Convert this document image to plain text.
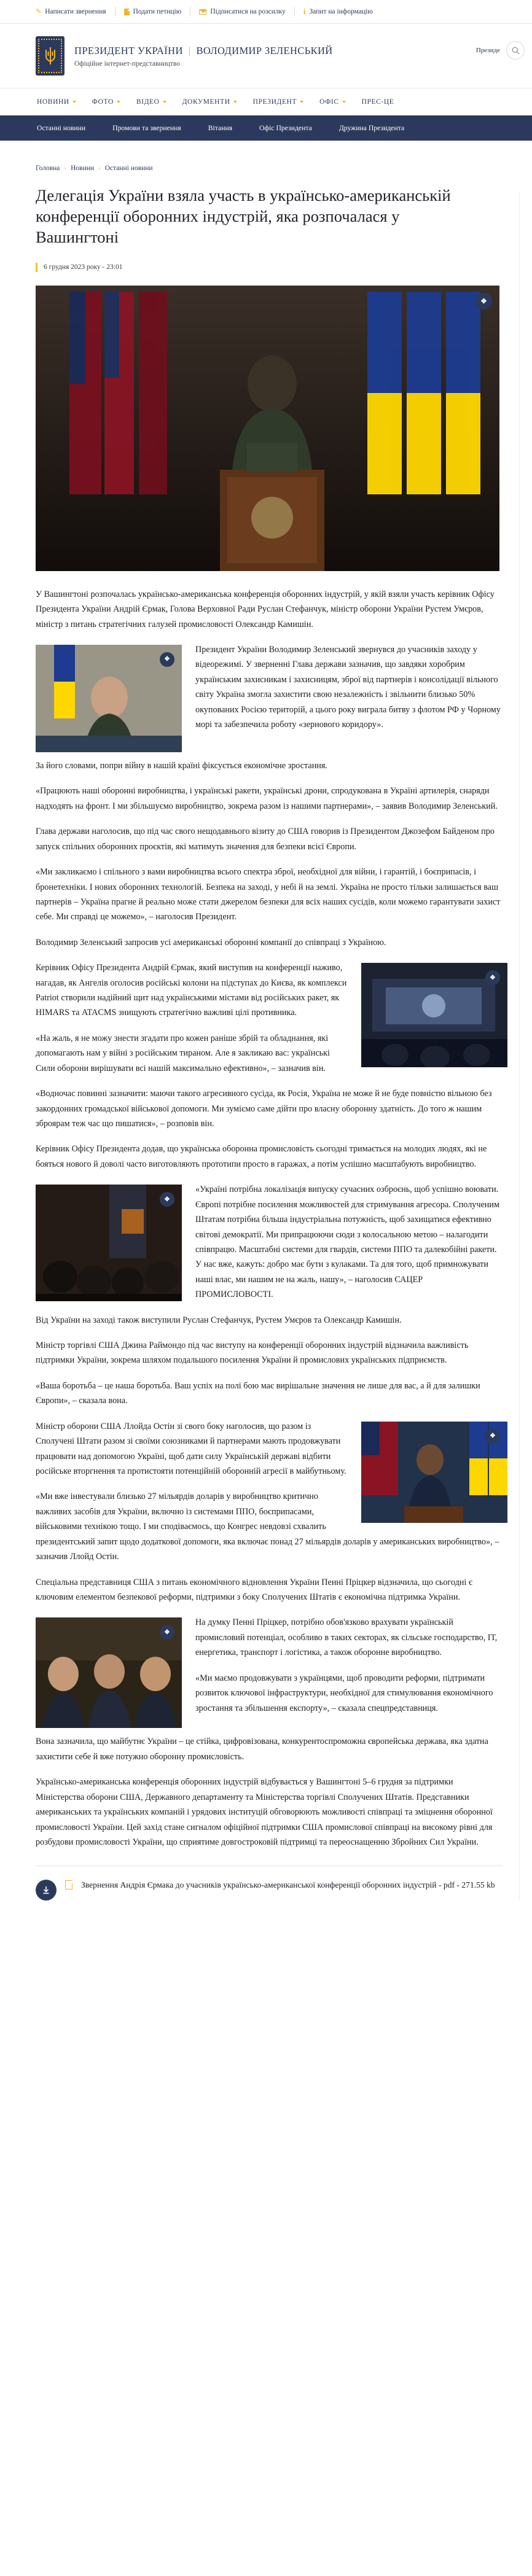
✎ Написати звернення	Подати петицію	Підписатися на розсилку i Запит на інформацію
ПРЕЗИДЕНТ УКРАЇНИ | ВОЛОДИМИР ЗЕЛЕНСЬКИЙ
Офіційне інтернет-представництво
Президе
НОВИНИ	ФОТО	ВІДЕО	ДОКУМЕНТИ	ПРЕЗИДЕНТ	ОФІС	ПРЕС-ЦЕ
Останні новини	Промови та звернення	Вітання	Офіс Президента	Дружина Президента
Головна › Новини › Останні новини
Делегація України взяла участь в українсько-американській конференції оборонних індустрій, яка розпочалася у Вашингтоні
6 грудня 2023 року - 23:01
✥

У Вашингтоні розпочалась українсько-американська конференція оборонних індустрій, у якій взяли участь керівник Офісу Президента України Андрій Єрмак, Голова Верховної Ради Руслан Стефанчук, міністр оборони України Рустем Умєров, міністр з питань стратегічних галузей промисловості Олександр Камишін.

✥

Президент України Володимир Зеленський звернувся до учасників заходу у відеорежимі. У зверненні Глава держави зазначив, що завдяки хоробрим українським захисникам і захисницям, зброї від партнерів і консолідації вільного світу Україна змогла захистити свою незалежність і звільнити близько 50% окупованих Росією територій, а цього року виграла битву з флотом РФ у Чорному морі та забезпечила роботу «зернового коридору».

За його словами, попри війну в нашій країні фіксується економічне зростання.

«Працюють наші оборонні виробництва, і українські ракети, українські дрони, спродукована в Україні артилерія, снаряди надходять на фронт. І ми збільшуємо виробництво, зокрема разом із нашими партнерами», – заявив Володимир Зеленський.

Глава держави наголосив, що під час свого нещодавнього візиту до США говорив із Президентом Джозефом Байденом про запуск спільних оборонних проєктів, які матимуть значення для безпеки всієї Європи.

«Ми закликаємо і спільного з вами виробництва всього спектра зброї, необхідної для війни, і гарантій, і боєприпасів, і бронетехніки. І нових оборонних технологій. Безпека на заході, у небі й на землі. Україна не просто тільки залишається ваш партнерів – Україна прагне й реально може стати джерелом безпеки для всіх наших сусідів, коли можемо гарантувати захист себе. Ми справді це можемо», – наголосив Президент.

Володимир Зеленський запросив усі американські оборонні компанії до співпраці з Україною.

✥

Керівник Офісу Президента Андрій Єрмак, який виступив на конференції наживо, нагадав, як Ангелів оголосив російські колони на підступах до Києва, як комплекси Patriot створили надійний щит над українськими містами від російських ракет, як HIMARS та ATACMS знищують стратегічно важливі цілі противника.

«На жаль, я не можу знести згадати про кожен раніше збрій та обладнання, які допомагають нам у війні з російським тираном. Але я закликаю вас: українські Сили оборони вирішувати всі нашій максимально ефективно», – зазначив він.

«Водночас повинні зазначити: маючи такого агресивного сусіда, як Росія, Україна не може й не буде повністю вільною без закордонних громадської військової допомоги. Ми зуміємо саме дійти про власну оборонну здатність. До того ж нашим зброярам теж час що пишатися», – розповів він.

Керівник Офісу Президента додав, що українська оборонна промисловість сьогодні тримається на молодих людях, які не бояться нового й доволі часто виготовляють прототипи просто в гаражах, а потім успішно масштабують виробництво.

✥

«Україні потрібна локалізація випуску сучасних озброєнь, щоб успішно воювати. Європі потрібне посилення можливостей для стримування агресора. Сполученим Штатам потрібна більша індустріальна потужність, щоб захищатися ефективно світові демократії. Ми припрацюючи сюди з колосальною метою – налагодити співпрацю. Масштабні системи для гвардів, системи ППО та далекобійні ракети. У нас вже, кажуть: добро має бути з кулаками. Та для того, щоб примножувати наші влас, ми нашим не на жаль, нашу», – наголосив САЦЕР ПРОМИСЛОВОСТІ.

Від України на заході також виступили Руслан Стефанчук, Рустем Умєров та Олександр Камишін.

Міністр торгівлі США Джина Раймондо під час виступу на конференції оборонних індустрій відзначила важливість підтримки України, зокрема шляхом подальшого посилення України й промислових українських підприємств.

«Ваша боротьба – це наша боротьба. Ваш успіх на полі бою має вирішальне значення не лише для вас, а й для залишки Європи», – сказала вона.

✥

Міністр оборони США Ллойда Остін зі свого боку наголосив, що разом із Сполучені Штати разом зі своїми союзниками й партнерами мають продовжувати працювати над допомогою Україні, щоб дати силу Українській державі відбити російське вторгнення та протистояти потенційній оборонній агресії в майбутньому.

«Ми вже інвестували близько 27 мільярдів доларів у виробництво критично важливих засобів для України, включно із системами ППО, боєприпасами, військовими технікою тощо. І ми сподіваємось, що Конгрес невдовзі схвалить президентський запит щодо додаткової допомоги, яка включає понад 27 мільярдів доларів у американських виробництво», – зазначив Ллойд Остін.

Спеціальна представниця США з питань економічного відновлення України Пенні Пріцкер відзначила, що сьогодні є ключовим елементом безпекової реформи, підтримки з боку Сполучених Штатів є економічна підтримка України.

✥

На думку Пенні Пріцкер, потрібно обов'язково врахувати українській промисловий потенціал, особливо в таких секторах, як сільське господарство, ІТ, енергетика, транспорт і логістика, а також оборонне виробництво.

«Ми маємо продовжувати з українцями, щоб проводити реформи, підтримати розвиток ключової інфраструктури, необхідної для стимулювання економічного зростання та збільшення експорту», – сказала спецпредставниця.

Вона зазначила, що майбутнє України – це стійка, цифровізована, конкурентоспроможна європейська держава, яка здатна захистити себе й вже потужно оборонну промисловість.

Українсько-американська конференція оборонних індустрій відбувається у Вашингтоні 5–6 грудня за підтримки Міністерства оборони США, Державного департаменту та Міністерства торгівлі Сполучених Штатів. Представники американських та українських компаній і урядових інституцій обговорюють можливості співпраці та зміцнення оборонної промисловості України. Цей захід стане сигналом офіційної підтримки США промислової співпраці на високому рівні для розбудови промисловості України, що сприятиме довгостроковій підтримці та переоснащенню Збройних Сил України.

Звернення Андрія Єрмака до учасників українсько-американської конференції оборонних індустрій - pdf - 271.55 kb
